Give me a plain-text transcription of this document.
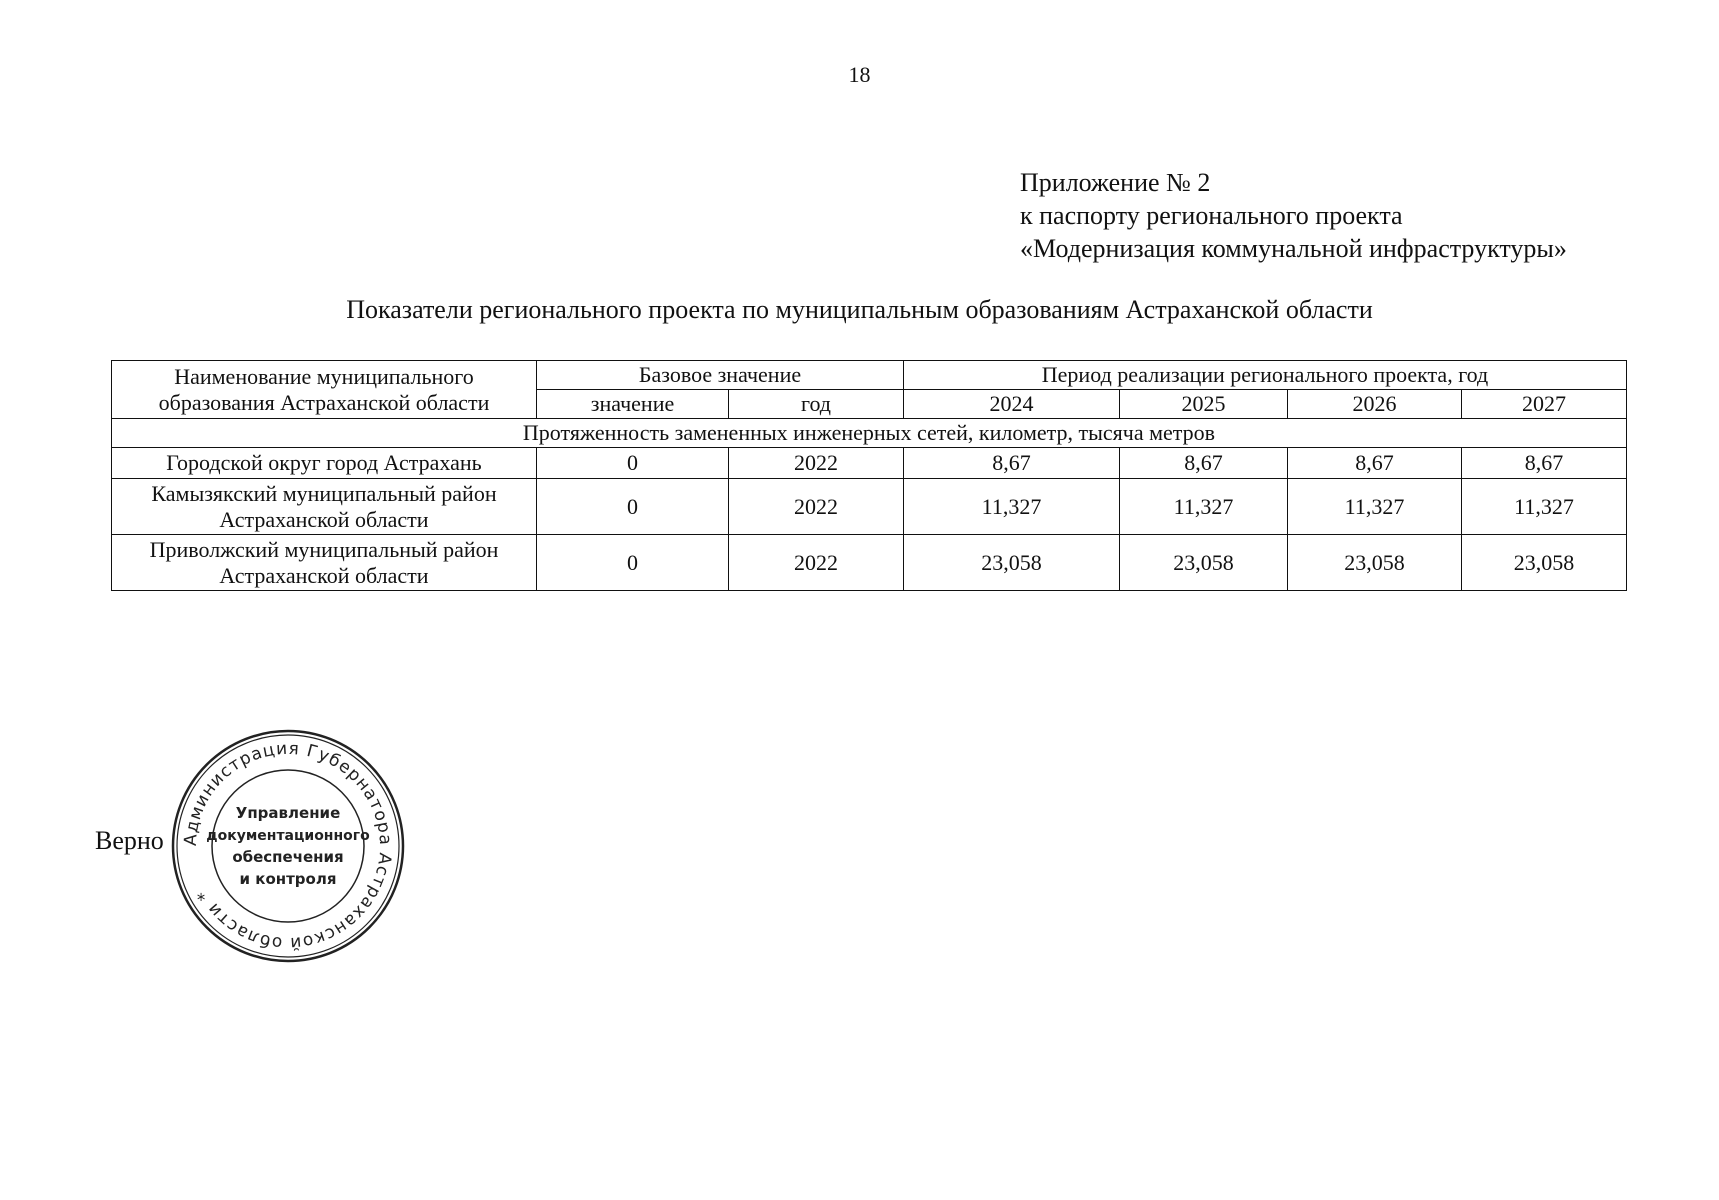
18
Приложение № 2
к паспорту регионального проекта
«Модернизация коммунальной инфраструктуры»
Показатели регионального проекта по муниципальным образованиям Астраханской области
Наименование муниципального
образования Астраханской области	Базовое значение		Период реализации регионального проекта, год			
	значение	год	2024	2025	2026	2027
Протяженность замененных инженерных сетей, километр, тысяча метров						

Городской округ город Астрахань	0	2022	8,67	8,67	8,67	8,67

Камызякский муниципальный район
Астраханской области	0	2022	11,327	11,327	11,327	11,327

Приволжский муниципальный район
Астраханской области	0	2022	23,058	23,058	23,058	23,058
Верно Администрация Губернатора Астраханской области *
Управление
документационного
обеспечения
и контроля
